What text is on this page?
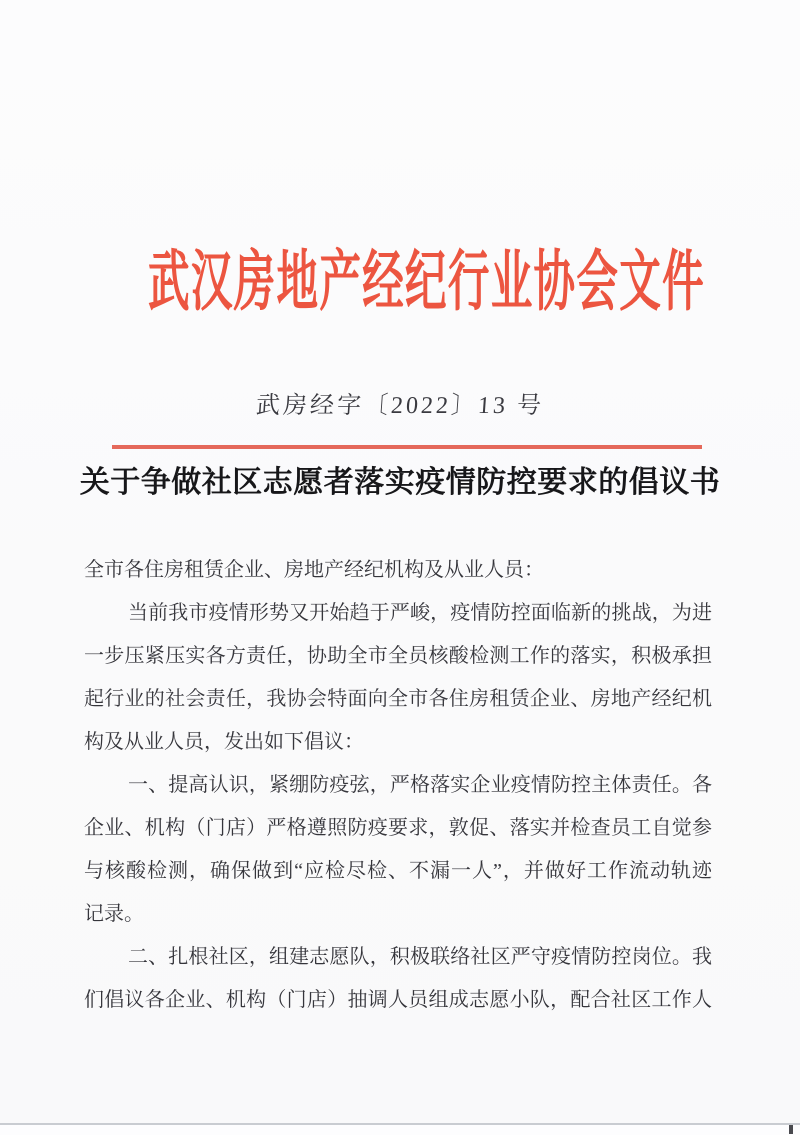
武汉房地产经纪行业协会文件
武房经字〔2022〕13 号
关于争做社区志愿者落实疫情防控要求的倡议书
全市各住房租赁企业、房地产经纪机构及从业人员：
当前我市疫情形势又开始趋于严峻，疫情防控面临新的挑战，为进
一步压紧压实各方责任，协助全市全员核酸检测工作的落实，积极承担
起行业的社会责任，我协会特面向全市各住房租赁企业、房地产经纪机
构及从业人员，发出如下倡议：
一、提高认识，紧绷防疫弦，严格落实企业疫情防控主体责任。各
企业、机构（门店）严格遵照防疫要求，敦促、落实并检查员工自觉参
与核酸检测，确保做到“应检尽检、不漏一人”，并做好工作流动轨迹
记录。
二、扎根社区，组建志愿队，积极联络社区严守疫情防控岗位。我
们倡议各企业、机构（门店）抽调人员组成志愿小队，配合社区工作人
